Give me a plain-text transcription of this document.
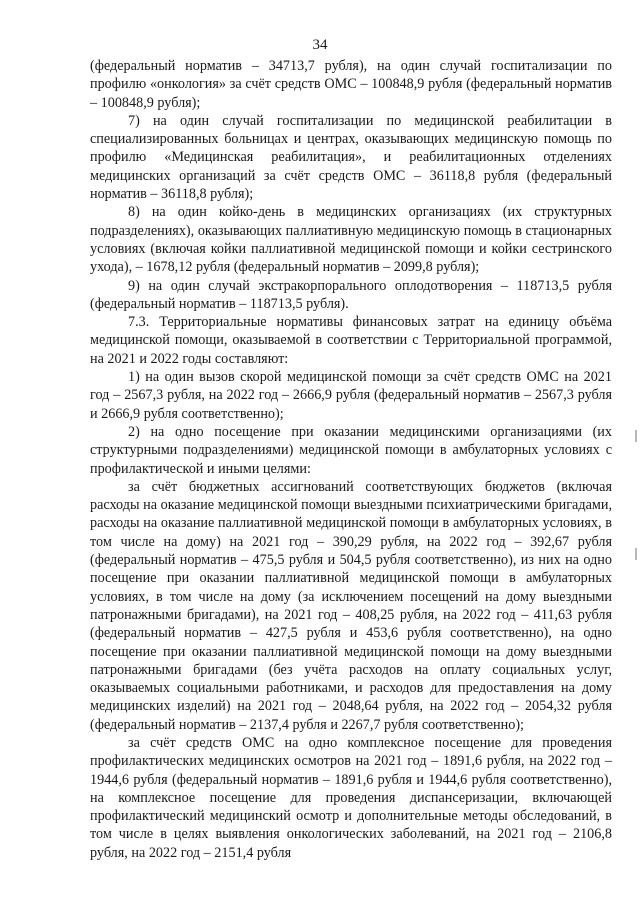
34

(федеральный норматив – 34713,7 рубля), на один случай госпитализации по профилю «онкология» за счёт средств ОМС – 100848,9 рубля (федеральный норматив – 100848,9 рубля);

7) на один случай госпитализации по медицинской реабилитации в специализированных больницах и центрах, оказывающих медицинскую помощь по профилю «Медицинская реабилитация», и реабилитационных отделениях медицинских организаций за счёт средств ОМС – 36118,8 рубля (федеральный норматив – 36118,8 рубля);

8) на один койко-день в медицинских организациях (их структурных подразделениях), оказывающих паллиативную медицинскую помощь в стационарных условиях (включая койки паллиативной медицинской помощи и койки сестринского ухода), – 1678,12 рубля (федеральный норматив – 2099,8 рубля);

9) на один случай экстракорпорального оплодотворения – 118713,5 рубля (федеральный норматив – 118713,5 рубля).

7.3. Территориальные нормативы финансовых затрат на единицу объёма медицинской помощи, оказываемой в соответствии с Территориальной программой, на 2021 и 2022 годы составляют:

1) на один вызов скорой медицинской помощи за счёт средств ОМС на 2021 год – 2567,3 рубля, на 2022 год – 2666,9 рубля (федеральный норматив – 2567,3 рубля и 2666,9 рубля соответственно);

2) на одно посещение при оказании медицинскими организациями (их структурными подразделениями) медицинской помощи в амбулаторных условиях с профилактической и иными целями:

за счёт бюджетных ассигнований соответствующих бюджетов (включая расходы на оказание медицинской помощи выездными психиатрическими бригадами, расходы на оказание паллиативной медицинской помощи в амбулаторных условиях, в том числе на дому) на 2021 год – 390,29 рубля, на 2022 год – 392,67 рубля (федеральный норматив – 475,5 рубля и 504,5 рубля соответственно), из них на одно посещение при оказании паллиативной медицинской помощи в амбулаторных условиях, в том числе на дому (за исключением посещений на дому выездными патронажными бригадами), на 2021 год – 408,25 рубля, на 2022 год – 411,63 рубля (федеральный норматив – 427,5 рубля и 453,6 рубля соответственно), на одно посещение при оказании паллиативной медицинской помощи на дому выездными патронажными бригадами (без учёта расходов на оплату социальных услуг, оказываемых социальными работниками, и расходов для предоставления на дому медицинских изделий) на 2021 год – 2048,64 рубля, на 2022 год – 2054,32 рубля (федеральный норматив – 2137,4 рубля и 2267,7 рубля соответственно);

за счёт средств ОМС на одно комплексное посещение для проведения профилактических медицинских осмотров на 2021 год – 1891,6 рубля, на 2022 год – 1944,6 рубля (федеральный норматив – 1891,6 рубля и 1944,6 рубля соответственно), на комплексное посещение для проведения диспансеризации, включающей профилактический медицинский осмотр и дополнительные методы обследований, в том числе в целях выявления онкологических заболеваний, на 2021 год – 2106,8 рубля, на 2022 год – 2151,4 рубля
